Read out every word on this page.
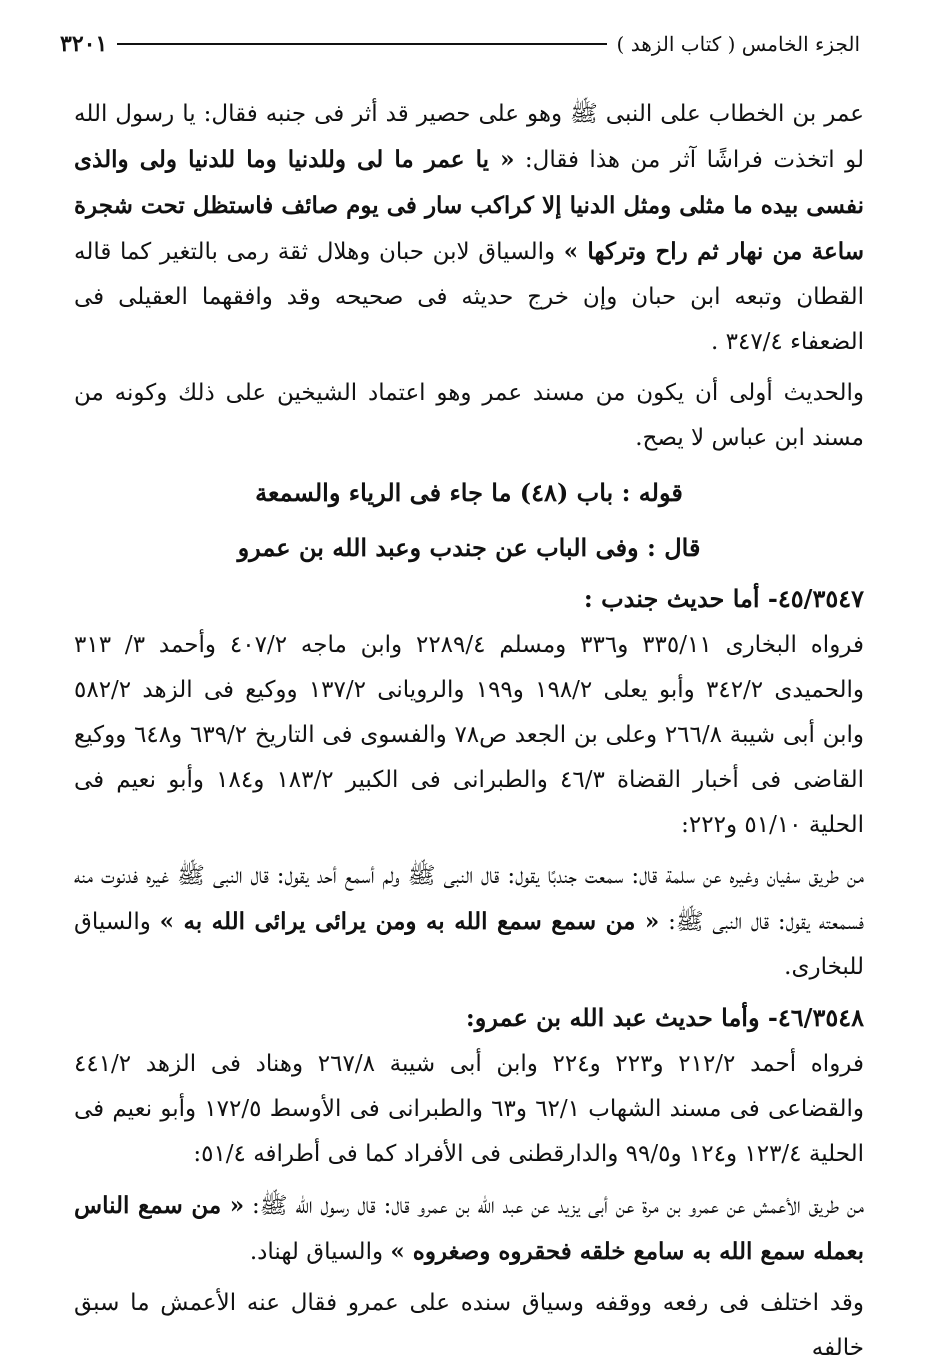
الجزء الخامس ( كتاب الزهد )
٣٢٠١

عمر بن الخطاب على النبى ﷺ وهو على حصير قد أثر فى جنبه فقال: يا رسول الله لو اتخذت فراشًا آثر من هذا فقال: « يا عمر ما لى وللدنيا وما للدنيا ولى والذى نفسى بيده ما مثلى ومثل الدنيا إلا كراكب سار فى يوم صائف فاستظل تحت شجرة ساعة من نهار ثم راح وتركها » والسياق لابن حبان وهلال ثقة رمى بالتغير كما قاله القطان وتبعه ابن حبان وإن خرج حديثه فى صحيحه وقد وافقهما العقيلى فى الضعفاء ٣٤٧/٤ .

والحديث أولى أن يكون من مسند عمر وهو اعتماد الشيخين على ذلك وكونه من مسند ابن عباس لا يصح.

قوله : باب (٤٨) ما جاء فى الرياء والسمعة

قال : وفى الباب عن جندب وعبد الله بن عمرو

٤٥/٣٥٤٧- أما حديث جندب :

فرواه البخارى ٣٣٥/١١ و٣٣٦ ومسلم ٢٢٨٩/٤ وابن ماجه ٤٠٧/٢ وأحمد ٣/ ٣١٣ والحميدى ٣٤٢/٢ وأبو يعلى ١٩٨/٢ و١٩٩ والرويانى ١٣٧/٢ ووكيع فى الزهد ٥٨٢/٢ وابن أبى شيبة ٢٦٦/٨ وعلى بن الجعد ص٧٨ والفسوى فى التاريخ ٦٣٩/٢ و٦٤٨ ووكيع القاضى فى أخبار القضاة ٤٦/٣ والطبرانى فى الكبير ١٨٣/٢ و١٨٤ وأبو نعيم فى الحلية ٥١/١٠ و٢٢٢:

من طريق سفيان وغيره عن سلمة قال: سمعت جندبًا يقول: قال النبى ﷺ ولم أسمع أحد يقول: قال النبى ﷺ غيره فدنوت منه فسمعته يقول: قال النبى ﷺ: « من سمع سمع الله به ومن يرائى يرائى الله به » والسياق للبخارى.

٤٦/٣٥٤٨- وأما حديث عبد الله بن عمرو:

فرواه أحمد ٢١٢/٢ و٢٢٣ و٢٢٤ وابن أبى شيبة ٢٦٧/٨ وهناد فى الزهد ٤٤١/٢ والقضاعى فى مسند الشهاب ٦٢/١ و٦٣ والطبرانى فى الأوسط ١٧٢/٥ وأبو نعيم فى الحلية ١٢٣/٤ و١٢٤ و٩٩/٥ والدارقطنى فى الأفراد كما فى أطرافه ٥١/٤:

من طريق الأعمش عن عمرو بن مرة عن أبى يزيد عن عبد الله بن عمرو قال: قال رسول الله ﷺ: « من سمع الناس بعمله سمع الله به سامع خلقه فحقروه وصغروه » والسياق لهناد.

وقد اختلف فى رفعه ووقفه وسياق سنده على عمرو فقال عنه الأعمش ما سبق خالفه
